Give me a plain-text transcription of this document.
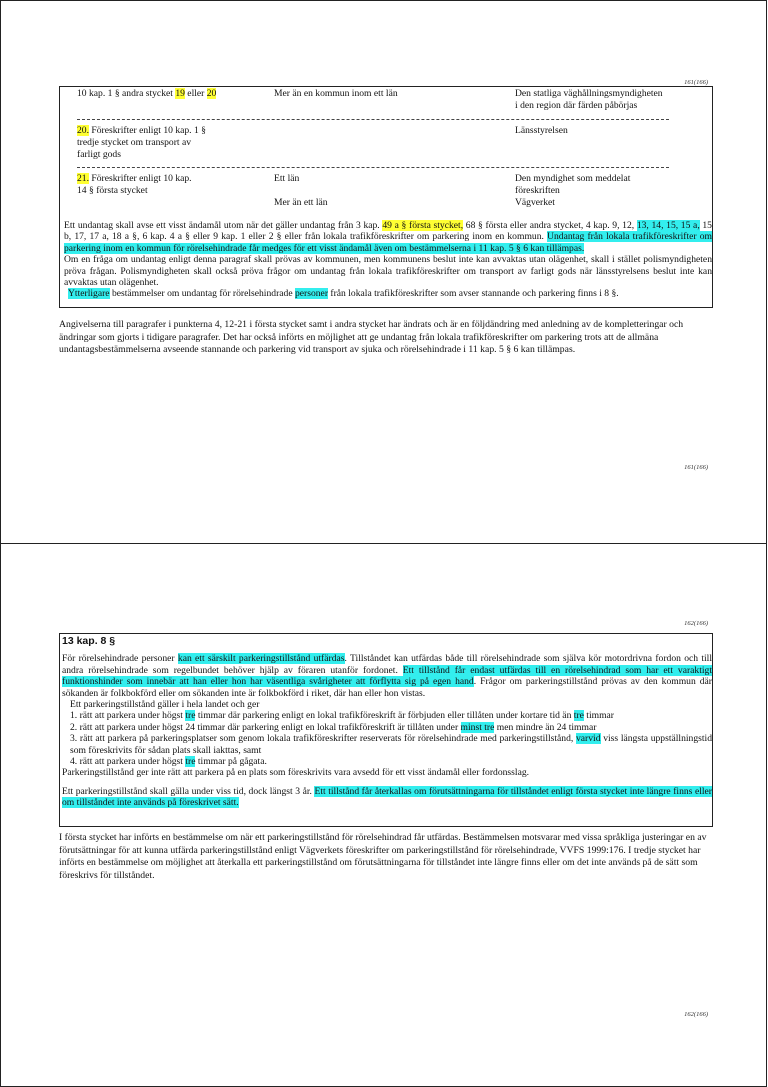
161(166)
10 kap. 1 § andra stycket 19 eller 20	Mer än en kommun inom ett län	Den statliga väghållningsmyndigheten
i den region där färden påbörjas
20. Föreskrifter enligt 10 kap. 1 §
tredje stycket om transport av
farligt gods
Länsstyrelsen
21. Föreskrifter enligt 10 kap.
14 § första stycket
Ett län

Mer än ett län
Den myndighet som meddelat
föreskriften
Vägverket

Ett undantag skall avse ett visst ändamål utom när det gäller undantag från 3 kap. 49 a § första stycket, 68 § första eller andra stycket, 4 kap. 9, 12, 13, 14, 15, 15 a, 15 b, 17, 17 a, 18 a §, 6 kap. 4 a § eller 9 kap. 1 eller 2 § eller från lokala trafikföreskrifter om parkering inom en kommun. Undantag från lokala trafikföreskrifter om parkering inom en kommun för rörelsehindrade får medges för ett visst ändamål även om bestämmelserna i 11 kap. 5 § 6 kan tillämpas.

Om en fråga om undantag enligt denna paragraf skall prövas av kommunen, men kommunens beslut inte kan avvaktas utan olägenhet, skall i stället polismyndigheten pröva frågan. Polismyndigheten skall också pröva frågor om undantag från lokala trafikföreskrifter om transport av farligt gods när länsstyrelsens beslut inte kan avvaktas utan olägenhet.

Ytterligare bestämmelser om undantag för rörelsehindrade personer från lokala trafikföreskrifter som avser stannande och parkering finns i 8 §.

Angivelserna till paragrafer i punkterna 4, 12-21 i första stycket samt i andra stycket har ändrats och är en följdändring med anledning av de kompletteringar och ändringar som gjorts i tidigare paragrafer. Det har också införts en möjlighet att ge undantag från lokala trafikföreskrifter om parkering trots att de allmäna undantagsbestämmelserna avseende stannande och parkering vid transport av sjuka och rörelsehindrade i 11 kap. 5 § 6 kan tillämpas.

161(166)
162(166)
13 kap. 8 §

För rörelsehindrade personer kan ett särskilt parkeringstillstånd utfärdas. Tillståndet kan utfärdas både till rörelsehindrade som själva kör motordrivna fordon och till andra rörelsehindrade som regelbundet behöver hjälp av föraren utanför fordonet. Ett tillstånd får endast utfärdas till en rörelsehindrad som har ett varaktigt funktionshinder som innebär att han eller hon har väsentliga svårigheter att förflytta sig på egen hand. Frågor om parkeringstillstånd prövas av den kommun där sökanden är folkbokförd eller om sökanden inte är folkbokförd i riket, där han eller hon vistas.

Ett parkeringstillstånd gäller i hela landet och ger

1. rätt att parkera under högst tre timmar där parkering enligt en lokal trafikföreskrift är förbjuden eller tillåten under kortare tid än tre timmar

2. rätt att parkera under högst 24 timmar där parkering enligt en lokal trafikföreskrift är tillåten under minst tre men mindre än 24 timmar

3. rätt att parkera på parkeringsplatser som genom lokala trafikföreskrifter reserverats för rörelsehindrade med parkeringstillstånd, varvid viss längsta uppställningstid som föreskrivits för sådan plats skall iakttas, samt

4. rätt att parkera under högst tre timmar på gågata.

Parkeringstillstånd ger inte rätt att parkera på en plats som föreskrivits vara avsedd för ett visst ändamål eller fordonsslag.

Ett parkeringstillstånd skall gälla under viss tid, dock längst 3 år. Ett tillstånd får återkallas om förutsättningarna för tillståndet enligt första stycket inte längre finns eller om tillståndet inte används på föreskrivet sätt.

I första stycket har införts en bestämmelse om när ett parkeringstillstånd för rörelsehindrad får utfärdas. Bestämmelsen motsvarar med vissa språkliga justeringar en av förutsättningar för att kunna utfärda parkeringstillstånd enligt Vägverkets föreskrifter om parkeringstillstånd för rörelsehindrade, VVFS 1999:176. I tredje stycket har införts en bestämmelse om möjlighet att återkalla ett parkeringstillstånd om förutsättningarna för tillståndet inte längre finns eller om det inte används på de sätt som föreskrivs för tillståndet.

162(166)
